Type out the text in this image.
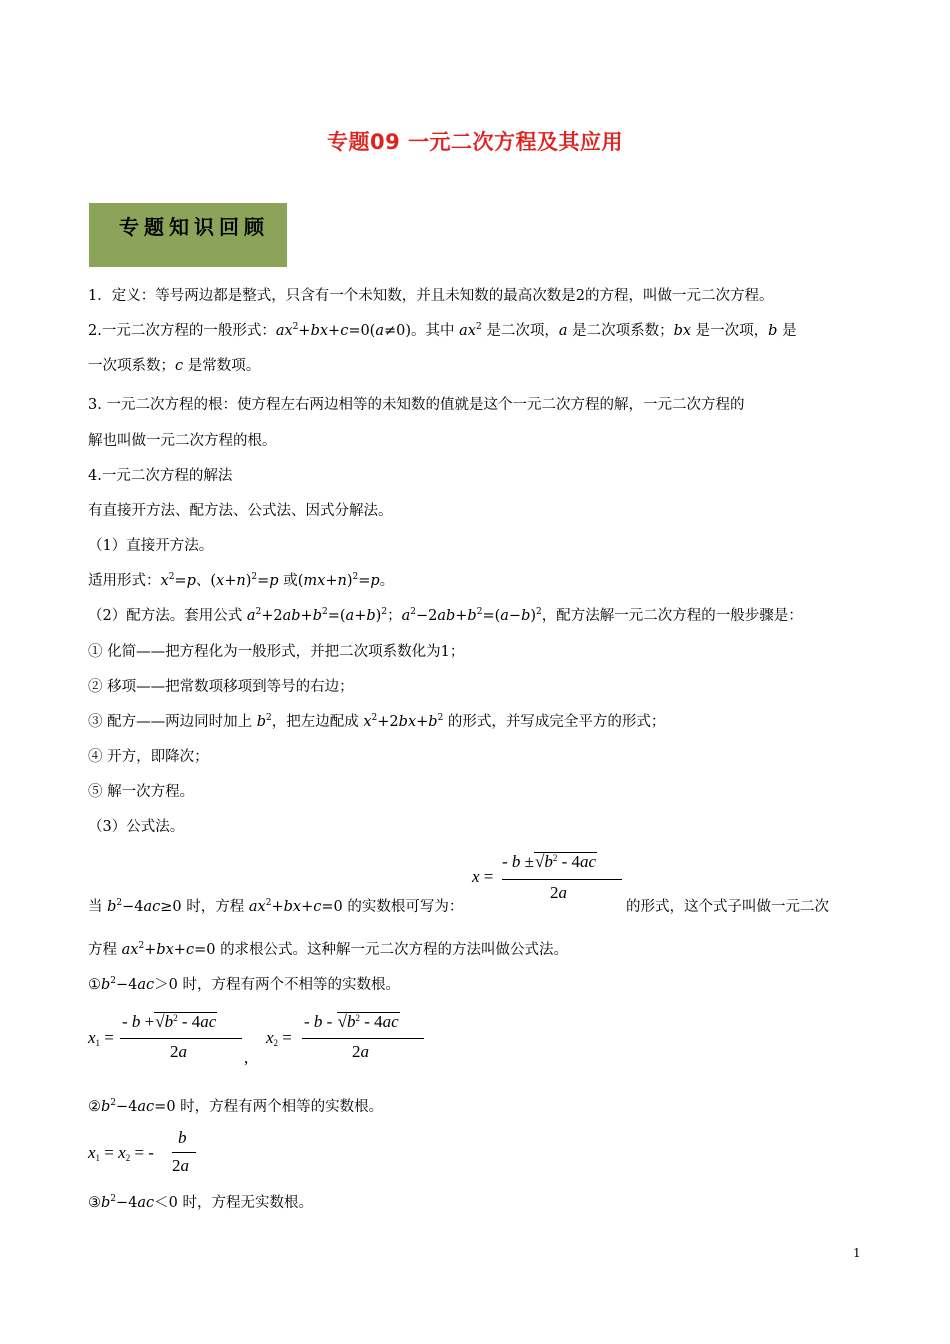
专题09 一元二次方程及其应用
专题知识回顾
1．定义：等号两边都是整式，只含有一个未知数，并且未知数的最高次数是2的方程，叫做一元二次方程。
2.一元二次方程的一般形式：$ax^2+bx+c=0(a\ne 0)$。其中 $ax^2$ 是二次项，a 是二次项系数；bx 是一次项，b 是
一次项系数；c 是常数项。
3. 一元二次方程的根：使方程左右两边相等的未知数的值就是这个一元二次方程的解，一元二次方程的
解也叫做一元二次方程的根。
4.一元二次方程的解法
有直接开方法、配方法、公式法、因式分解法。
（1）直接开方法。
适用形式：$x^2=p$、$(x+n)^2=p$ 或$(mx+n)^2=p$。
（2）配方法。套用公式 $a^2+2ab+b^2=(a+b)^2$；$a^2-2ab+b^2=(a-b)^2$，配方法解一元二次方程的一般步骤是：
① 化简——把方程化为一般形式，并把二次项系数化为1；
② 移项——把常数项移项到等号的右边；
③ 配方——两边同时加上 $b^2$，把左边配成 $x^2+2bx+b^2$ 的形式，并写成完全平方的形式；
④ 开方，即降次；
⑤ 解一次方程。
（3）公式法。
x =
- $b \pm√b^2 - 4ac$
2a
当 $b^2-4ac\ge 0$ 时，方程 $ax^2+bx+c=0$ 的实数根可写为：	的形式，这个式子叫做一元二次
方程 $ax^2+bx+c=0$ 的求根公式。这种解一元二次方程的方法叫做公式法。
$①b^2-4ac>0$ 时，方程有两个不相等的实数根。
$x_1$ =
- $b +√b^2 - 4ac$
2a	,
$x_2$ =
- b - $√b^2 - 4ac$
2a
$②b^2-4ac=0$ 时，方程有两个相等的实数根。
$x_1 = x_2$ = -
b
2a
$③b^2-4ac<0$ 时，方程无实数根。
1
